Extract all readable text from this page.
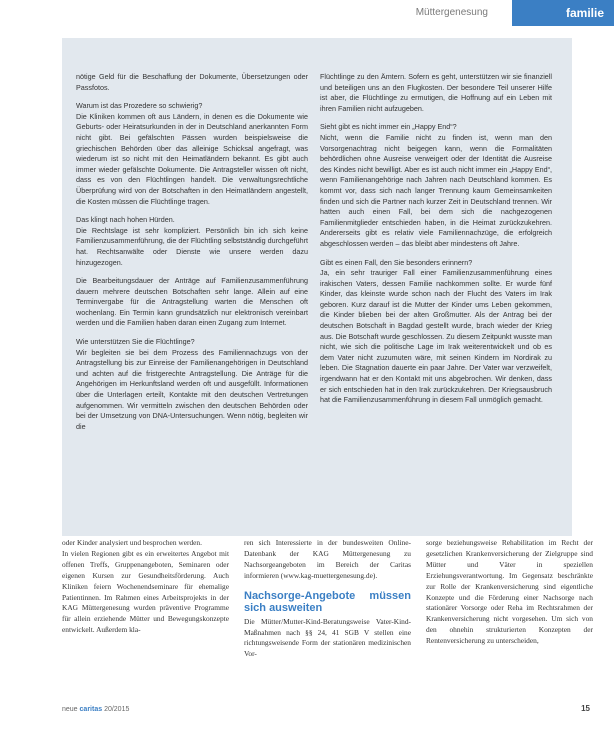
Müttergenesung	familie

nötige Geld für die Beschaffung der Dokumente, Übersetzungen oder Passfotos.

Warum ist das Prozedere so schwierig?
Die Kliniken kommen oft aus Ländern, in denen es die Dokumente wie Geburts- oder Heiratsurkunden in der in Deutschland anerkannten Form nicht gibt. Bei gefälschten Pässen wurden beispielsweise die griechischen Behörden über das alleinige Schicksal angefragt, was wiederum ist so nicht mit den Heimatländern bekannt. Es gibt auch immer wieder gefälschte Dokumente. Die Antragsteller wissen oft nicht, dass es von den Flüchtlingen handelt. Die verwaltungsrechtliche Überprüfung wird von der Botschaften in den Heimatländern angestellt, die Kosten müssen die Flüchtlinge tragen.

Das klingt nach hohen Hürden.
Die Rechtslage ist sehr kompliziert. Persönlich bin ich sich keine Familienzusammenführung, die der Flüchtling selbstständig durchgeführt hat. Rechtsanwälte oder Dienste wie unsere werden dazu hinzugezogen.

Die Bearbeitungsdauer der Anträge auf Familienzusammenführung dauern mehrere deutschen Botschaften sehr lange. Allein auf eine Terminvergabe für die Antragstellung warten die Menschen oft wochenlang. Ein Termin kann grundsätzlich nur elektronisch vereinbart werden und die Familien haben daran einen Zugang zum Internet.

Wie unterstützen Sie die Flüchtlinge?
Wir begleiten sie bei dem Prozess des Familiennachzugs von der Antragstellung bis zur Einreise der Familienangehörigen in Deutschland und achten auf die fristgerechte Antragstellung. Die Anträge für die Angehörigen im Herkunftsland werden oft und ausgefüllt. Informationen über die Unterlagen erteilt, Kontakte mit den deutschen Vertretungen aufgenommen. Wir vermitteln zwischen den deutschen Behörden oder bei der Umsetzung von DNA-Untersuchungen. Wenn nötig, begleiten wir die

Flüchtlinge zu den Ämtern. Sofern es geht, unterstützen wir sie finanziell und beteiligen uns an den Flugkosten. Der besondere Teil unserer Hilfe ist aber, die Flüchtlinge zu ermutigen, die Hoffnung auf ein Leben mit ihren Familien nicht aufzugeben.

Sieht gibt es nicht immer ein „Happy End“?
Nicht, wenn die Familie nicht zu finden ist, wenn man den Vorsorgenachtrag nicht beigegen kann, wenn die Formalitäten behördlichen ohne Ausreise verweigert oder der Identität die Ausreise des Kindes nicht bewilligt. Aber es ist auch nicht immer ein „Happy End“, wenn Familienangehörige nach Jahren nach Deutschland kommen. Es kommt vor, dass sich nach langer Trennung kaum Gemeinsamkeiten finden und sich die Partner nach kurzer Zeit in Deutschland trennen. Wir hatten auch einen Fall, bei dem sich die nachgezogenen Familienmitglieder entschieden haben, in die Heimat zurückzukehren. Andererseits gibt es relativ viele Familiennachzüge, die erfolgreich abgeschlossen werden – das bleibt aber mindestens oft Jahre.

Gibt es einen Fall, den Sie besonders erinnern?
Ja, ein sehr trauriger Fall einer Familienzusammenführung eines irakischen Vaters, dessen Familie nachkommen sollte. Er wurde fünf Kinder, das kleinste wurde schon nach der Flucht des Vaters im Irak geboren. Kurz darauf ist die Mutter der Kinder ums Leben gekommen, die Kinder blieben bei der alten Großmutter. Als der Antrag bei der deutschen Botschaft in Bagdad gestellt wurde, brach wieder der Krieg aus. Die Botschaft wurde geschlossen. Zu diesem Zeitpunkt wusste man nicht, wie sich die politische Lage im Irak weiterentwickelt und ob es dem Vater nicht zuzumuten wäre, mit seinen Kindern im Nordirak zu leben. Die Stagnation dauerte ein paar Jahre. Der Vater war verzweifelt, irgendwann hat er den Kontakt mit uns abgebrochen. Wir denken, dass er sich entschieden hat in den Irak zurückzukehren. Der Kriegsausbruch hat die Familienzusammenführung in diesem Fall unmöglich gemacht.

oder Kinder analysiert und besprochen werden.
In vielen Regionen gibt es ein erweitertes Angebot mit offenen Treffs, Gruppenangeboten, Seminaren oder eigenen Kursen zur Gesundheitsförderung. Auch Kliniken feiern Wochenendseminare für ehemalige Patientinnen. Im Rahmen eines Arbeitsprojekts in der KAG Müttergenesung wurden präventive Programme für allein erziehende Mütter und Bewegungskonzepte entwickelt. Außerdem kla-

ren sich Interessierte in der bundesweiten Online-Datenbank der KAG Müttergenesung zu Nachsorgeangeboten im Bereich der Caritas informieren (www.kag-muettergenesung.de).

Nachsorge-Angebote müssen sich ausweiten

Die Mütter/Mutter-Kind-Beratungsweise Vater-Kind-Maßnahmen nach §§ 24, 41 SGB V stellen eine richtungsweisende Form der stationären medizinischen Vor-

sorge beziehungsweise Rehabilitation im Recht der gesetzlichen Krankenversicherung der Zielgruppe sind Mütter und Väter in speziellen Erziehungsverantwortung. Im Gegensatz beschränkte zur Rolle der Krankenversicherung sind eigentliche Konzepte und die Förderung einer Nachsorge nach stationärer Vorsorge oder Reha im Rechtsrahmen der Krankenversicherung nicht vorgesehen. Um sich von den ohnehin strukturierten Konzepten der Rentenversicherung zu unterscheiden,

neue caritas 20/2015	15
